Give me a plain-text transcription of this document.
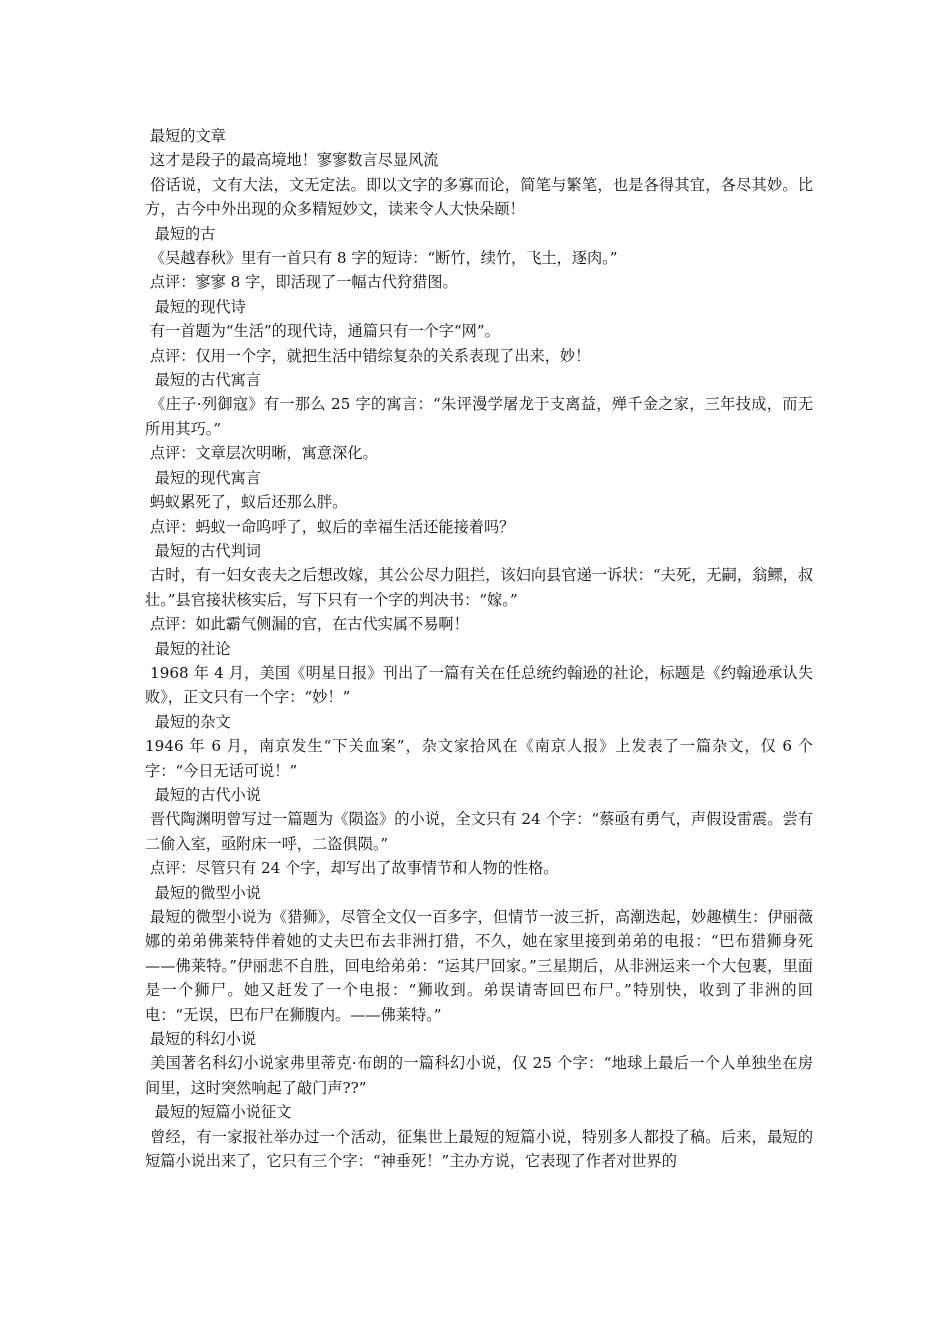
最短的文章

这才是段子的最高境地！寥寥数言尽显风流

俗话说，文有大法，文无定法。即以文字的多寡而论，简笔与繁笔，也是各得其宜，各尽其妙。比方，古今中外出现的众多精短妙文，读来令人大快朵颐！

最短的古

《吴越春秋》里有一首只有 8 字的短诗：“断竹，续竹，飞土，逐肉。”

点评：寥寥 8 字，即活现了一幅古代狩猎图。

最短的现代诗

有一首题为“生活”的现代诗，通篇只有一个字“网”。

点评：仅用一个字，就把生活中错综复杂的关系表现了出来，妙！

最短的古代寓言

《庄子·列御寇》有一那么 25 字的寓言：“朱评漫学屠龙于支离益，殚千金之家，三年技成，而无所用其巧。”

点评：文章层次明晰，寓意深化。

最短的现代寓言

蚂蚁累死了，蚁后还那么胖。

点评：蚂蚁一命呜呼了，蚁后的幸福生活还能接着吗？

最短的古代判词

古时，有一妇女丧夫之后想改嫁，其公公尽力阻拦，该妇向县官递一诉状：“夫死，无嗣，翁鳏，叔壮。”县官接状核实后，写下只有一个字的判决书：“嫁。”

点评：如此霸气侧漏的官，在古代实属不易啊！

最短的社论

1968 年 4 月，美国《明星日报》刊出了一篇有关在任总统约翰逊的社论，标题是《约翰逊承认失败》，正文只有一个字：“妙！”

最短的杂文

1946 年 6 月，南京发生“下关血案”，杂文家拾风在《南京人报》上发表了一篇杂文，仅 6 个字：“今日无话可说！”

最短的古代小说

晋代陶渊明曾写过一篇题为《陨盗》的小说，全文只有 24 个字：“蔡亟有勇气，声假设雷震。尝有二偷入室，亟附床一呼，二盗俱陨。”

点评：尽管只有 24 个字，却写出了故事情节和人物的性格。

最短的微型小说

最短的微型小说为《猎狮》，尽管全文仅一百多字，但情节一波三折，高潮迭起，妙趣横生：伊丽薇娜的弟弟佛莱特伴着她的丈夫巴布去非洲打猎，不久，她在家里接到弟弟的电报：“巴布猎狮身死——佛莱特。”伊丽悲不自胜，回电给弟弟：“运其尸回家。”三星期后，从非洲运来一个大包裹，里面是一个狮尸。她又赶发了一个电报：“狮收到。弟误请寄回巴布尸。”特别快，收到了非洲的回电：“无误，巴布尸在狮腹内。——佛莱特。”

最短的科幻小说

美国著名科幻小说家弗里蒂克·布朗的一篇科幻小说，仅 25 个字：“地球上最后一个人单独坐在房间里，这时突然响起了敲门声??”

最短的短篇小说征文

曾经，有一家报社举办过一个活动，征集世上最短的短篇小说，特别多人都投了稿。后来，最短的短篇小说出来了，它只有三个字：“神垂死！”主办方说，它表现了作者对世界的
